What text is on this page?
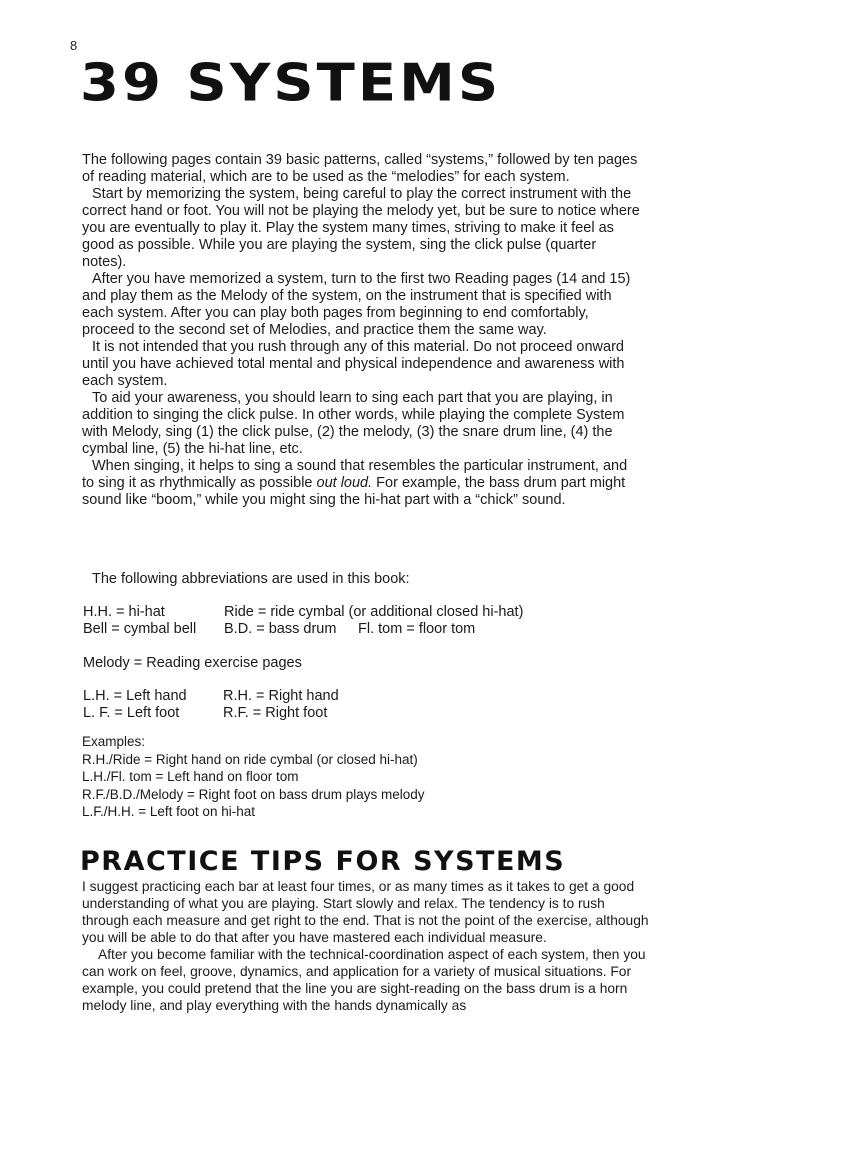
8
39 SYSTEMS

The following pages contain 39 basic patterns, called “systems,” followed by ten pages of reading material, which are to be used as the “melodies” for each system.

Start by memorizing the system, being careful to play the correct instrument with the correct hand or foot. You will not be playing the melody yet, but be sure to notice where you are eventually to play it. Play the system many times, striving to make it feel as good as possible. While you are playing the system, sing the click pulse (quarter notes).

After you have memorized a system, turn to the first two Reading pages (14 and 15) and play them as the Melody of the system, on the instrument that is specified with each system. After you can play both pages from beginning to end comfortably, proceed to the second set of Melodies, and practice them the same way.

It is not intended that you rush through any of this material. Do not proceed onward until you have achieved total mental and physical independence and awareness with each system.

To aid your awareness, you should learn to sing each part that you are playing, in addition to singing the click pulse. In other words, while playing the complete System with Melody, sing (1) the click pulse, (2) the melody, (3) the snare drum line, (4) the cymbal line, (5) the hi-hat line, etc.

When singing, it helps to sing a sound that resembles the particular instrument, and to sing it as rhythmically as possible out loud. For example, the bass drum part might sound like “boom,” while you might sing the hi-hat part with a “chick” sound.

The following abbreviations are used in this book:
H.H. = hi-hat	Ride = ride cymbal (or additional closed hi-hat)
Bell = cymbal bell B.D. = bass drum Fl. tom = floor tom
Melody = Reading exercise pages
L.H. = Left hand	R.H. = Right hand
L. F. = Left foot	R.F. = Right foot
Examples:
R.H./Ride = Right hand on ride cymbal (or closed hi-hat)
L.H./Fl. tom = Left hand on floor tom
R.F./B.D./Melody = Right foot on bass drum plays melody
L.F./H.H. = Left foot on hi-hat
PRACTICE TIPS FOR SYSTEMS

I suggest practicing each bar at least four times, or as many times as it takes to get a good understanding of what you are playing. Start slowly and relax. The tendency is to rush through each measure and get right to the end. That is not the point of the exercise, although you will be able to do that after you have mastered each individual measure.

After you become familiar with the technical-coordination aspect of each system, then you can work on feel, groove, dynamics, and application for a variety of musical situations. For example, you could pretend that the line you are sight-reading on the bass drum is a horn melody line, and play everything with the hands dynamically as
